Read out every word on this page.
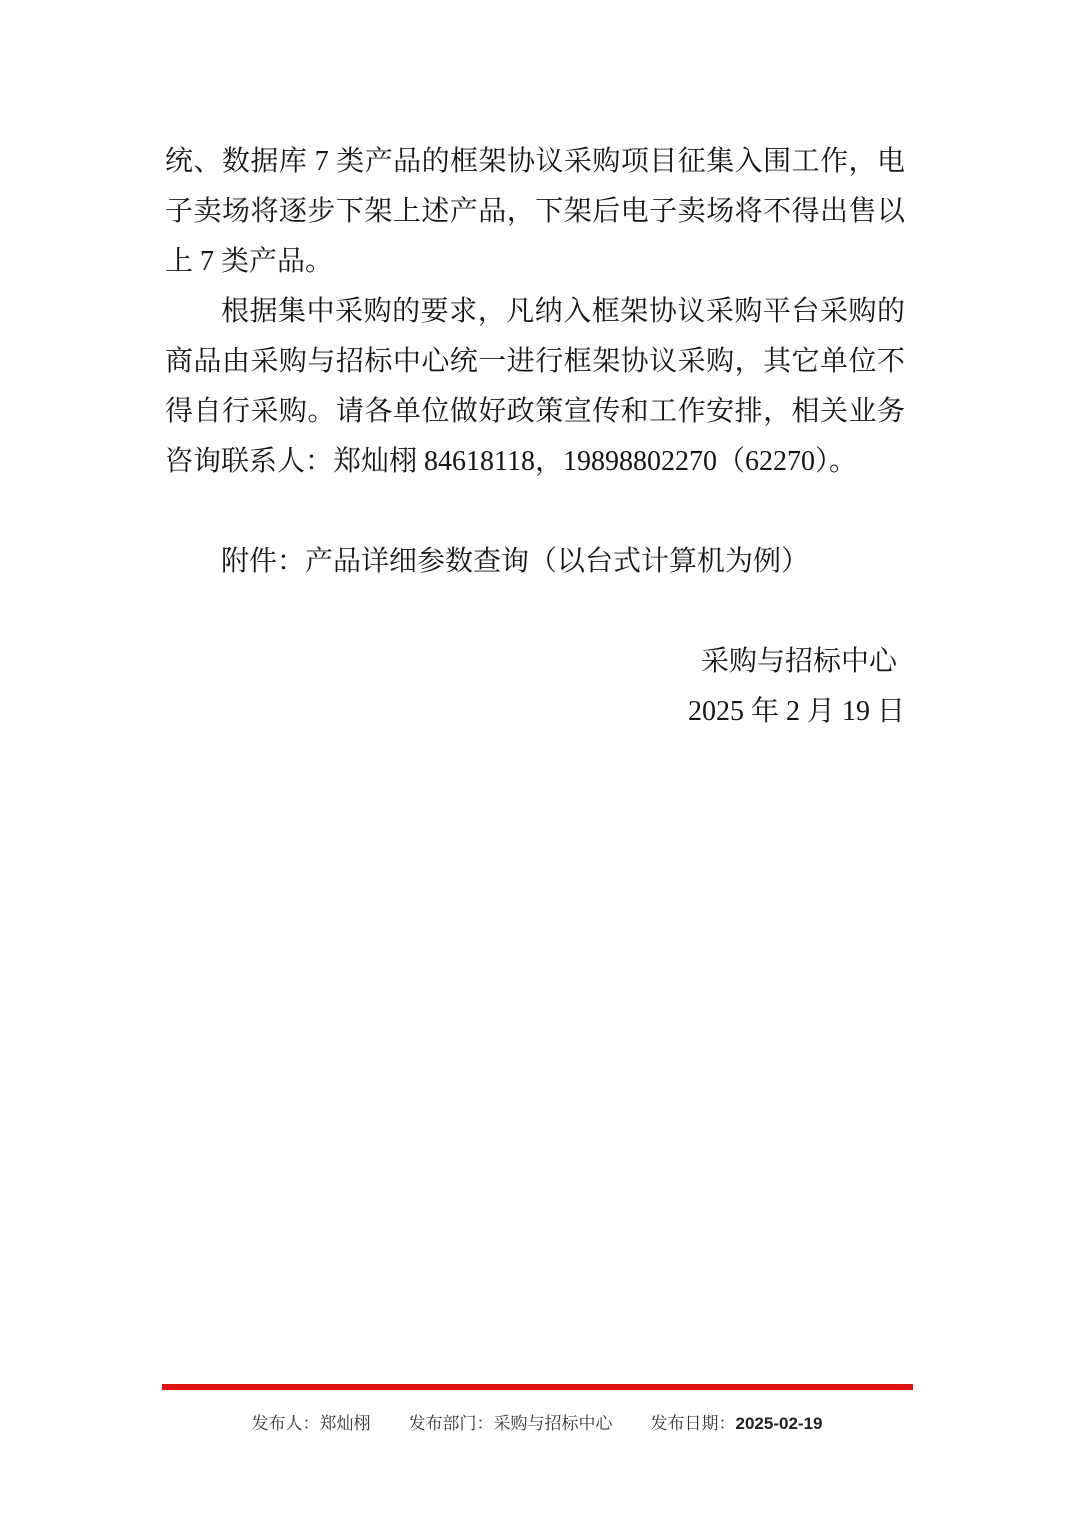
统、数据库 7 类产品的框架协议采购项目征集入围工作，电
子卖场将逐步下架上述产品，下架后电子卖场将不得出售以
上 7 类产品。
根据集中采购的要求，凡纳入框架协议采购平台采购的
商品由采购与招标中心统一进行框架协议采购，其它单位不
得自行采购。请各单位做好政策宣传和工作安排，相关业务
咨询联系人：郑灿栩 84618118，19898802270（62270）。
附件：产品详细参数查询（以台式计算机为例）
采购与招标中心
2025 年 2 月 19 日
发布人：郑灿栩 发布部门：采购与招标中心 发布日期：2025-02-19
